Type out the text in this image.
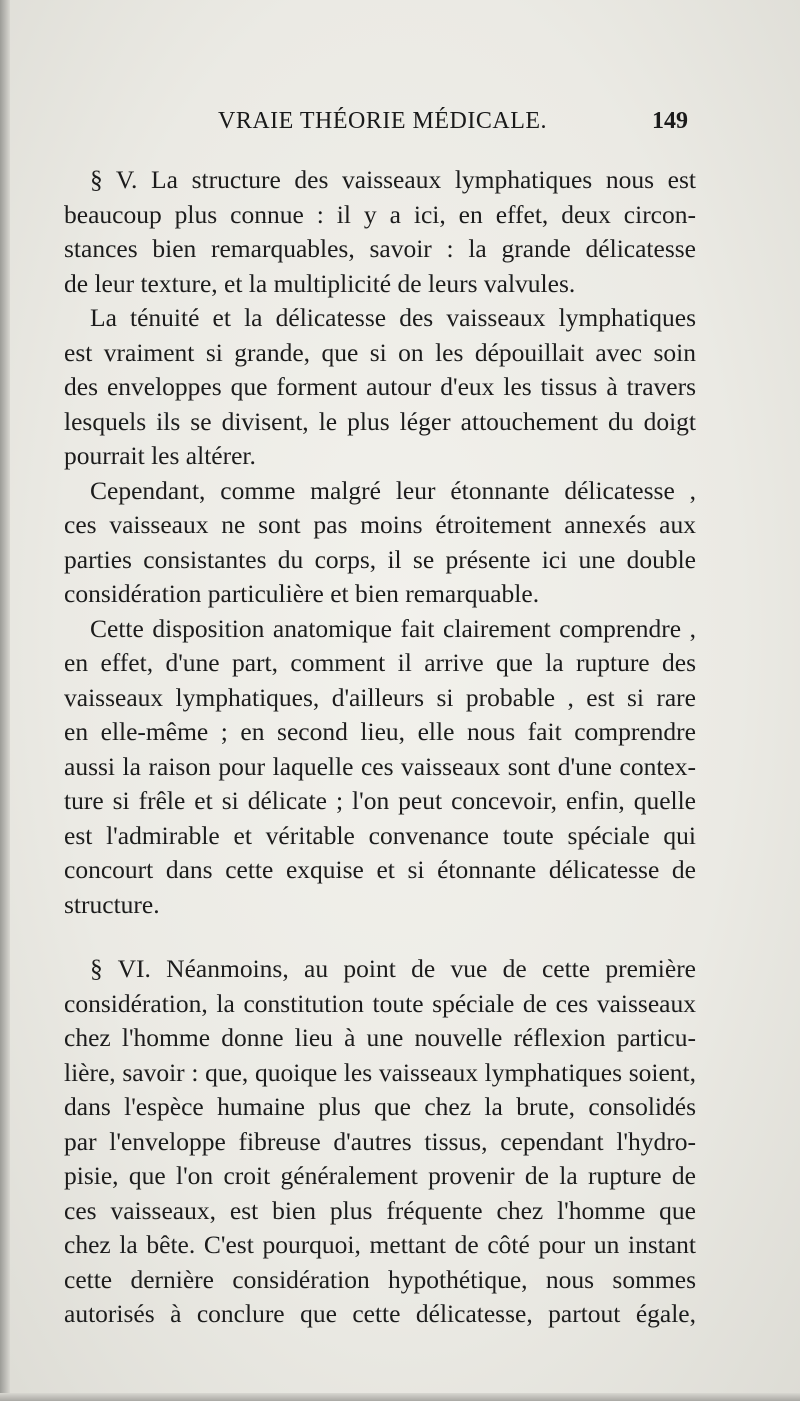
VRAIE THÉORIE MÉDICALE.	149
§ V. La structure des vaisseaux lymphatiques nous est
beaucoup plus connue : il y a ici, en effet, deux circon-
stances bien remarquables, savoir : la grande délicatesse
de leur texture, et la multiplicité de leurs valvules.
La ténuité et la délicatesse des vaisseaux lymphatiques
est vraiment si grande, que si on les dépouillait avec soin
des enveloppes que forment autour d'eux les tissus à travers
lesquels ils se divisent, le plus léger attouchement du doigt
pourrait les altérer.
Cependant, comme malgré leur étonnante délicatesse ,
ces vaisseaux ne sont pas moins étroitement annexés aux
parties consistantes du corps, il se présente ici une double
considération particulière et bien remarquable.
Cette disposition anatomique fait clairement comprendre ,
en effet, d'une part, comment il arrive que la rupture des
vaisseaux lymphatiques, d'ailleurs si probable , est si rare
en elle-même ; en second lieu, elle nous fait comprendre
aussi la raison pour laquelle ces vaisseaux sont d'une contex-
ture si frêle et si délicate ; l'on peut concevoir, enfin, quelle
est l'admirable et véritable convenance toute spéciale qui
concourt dans cette exquise et si étonnante délicatesse de
structure.
§ VI. Néanmoins, au point de vue de cette première
considération, la constitution toute spéciale de ces vaisseaux
chez l'homme donne lieu à une nouvelle réflexion particu-
lière, savoir : que, quoique les vaisseaux lymphatiques soient,
dans l'espèce humaine plus que chez la brute, consolidés
par l'enveloppe fibreuse d'autres tissus, cependant l'hydro-
pisie, que l'on croit généralement provenir de la rupture de
ces vaisseaux, est bien plus fréquente chez l'homme que
chez la bête. C'est pourquoi, mettant de côté pour un instant
cette dernière considération hypothétique, nous sommes
autorisés à conclure que cette délicatesse, partout égale,
